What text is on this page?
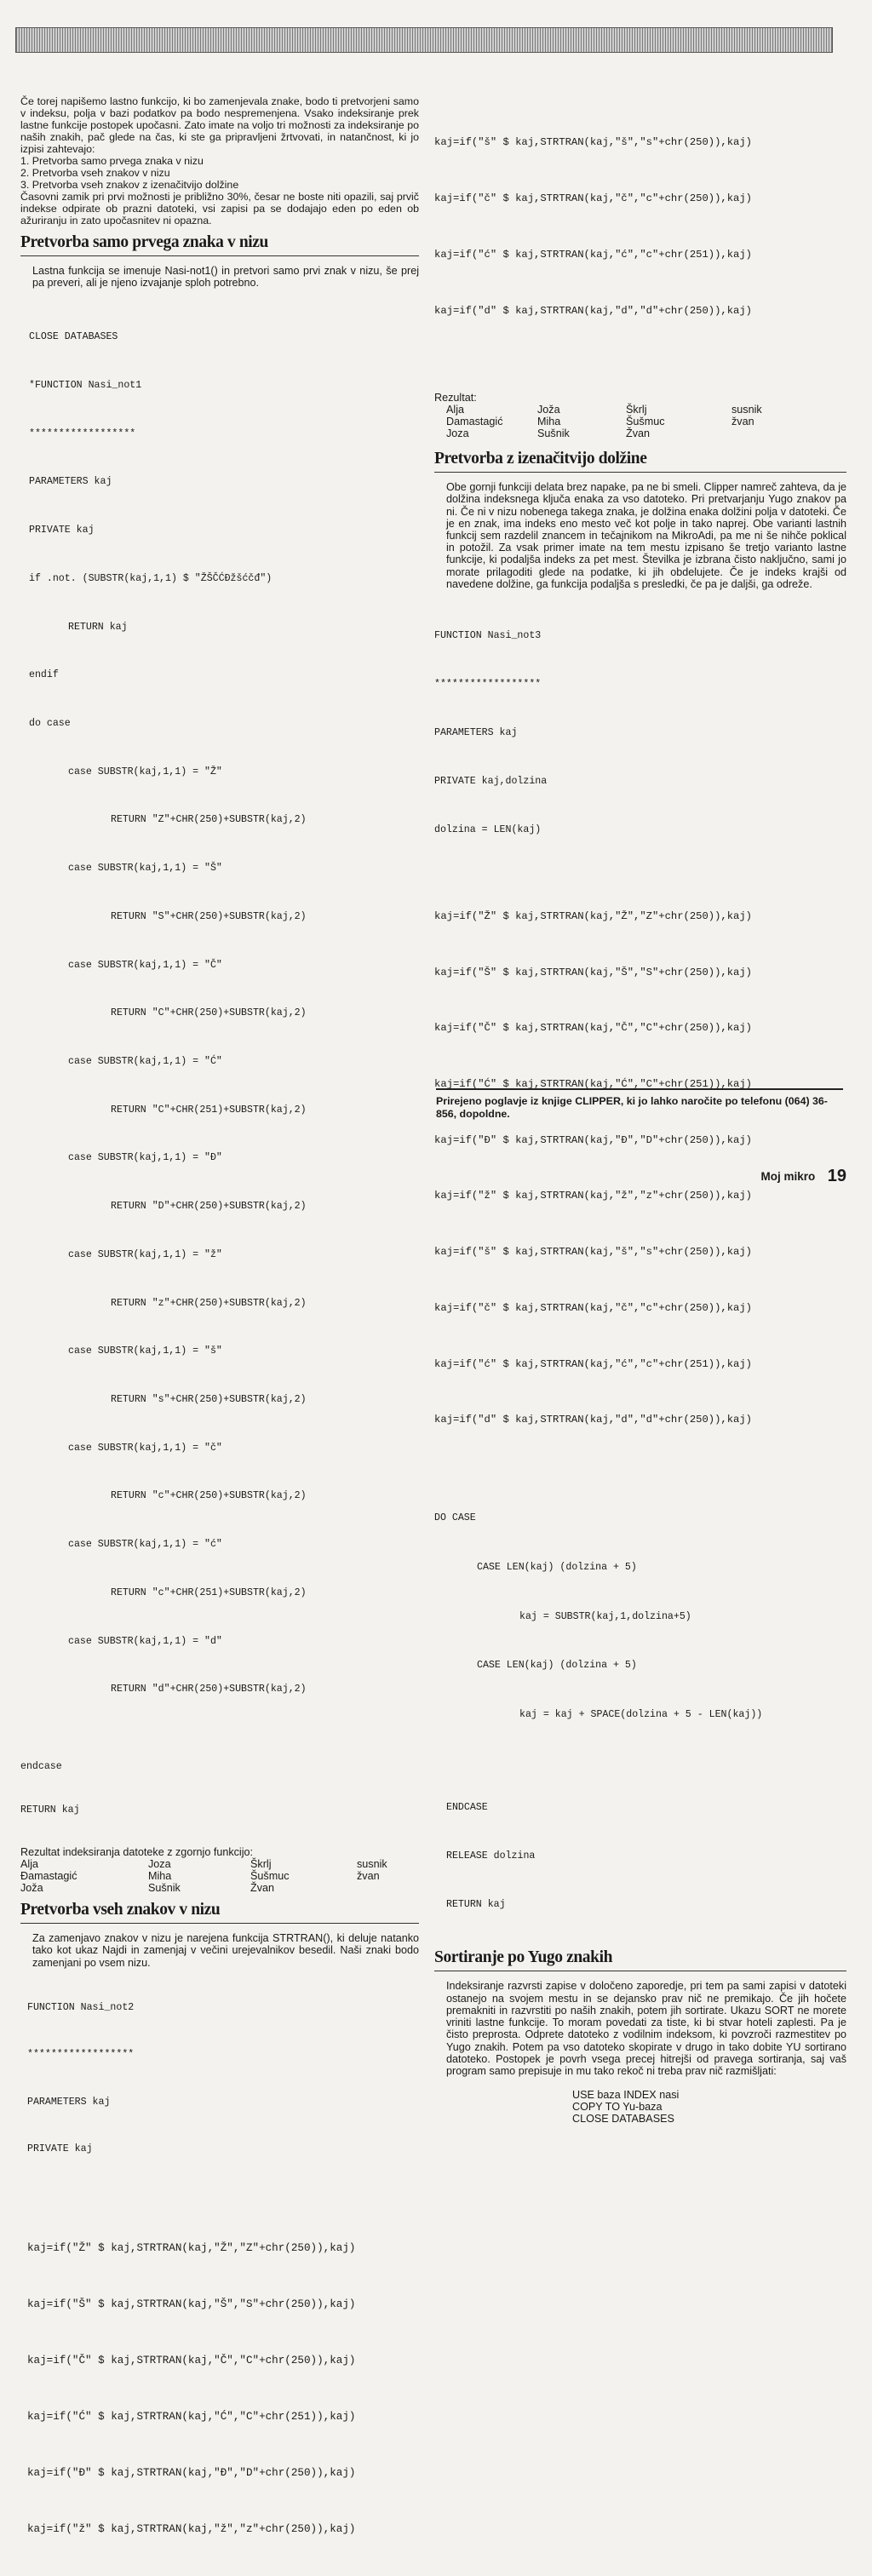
Če torej napišemo lastno funkcijo, ki bo zamenjevala znake, bodo ti pretvorjeni samo v indeksu, polja v bazi podatkov pa bodo nespremenjena. Vsako indeksiranje prek lastne funkcije postopek upočasni. Zato imate na voljo tri možnosti za indeksiranje po naših znakih, pač glede na čas, ki ste ga pripravljeni žrtvovati, in natančnost, ki jo izpisi zahtevajo:

1. Pretvorba samo prvega znaka v nizu
2. Pretvorba vseh znakov v nizu
3. Pretvorba vseh znakov z izenačitvijo dolžine

Časovni zamik pri prvi možnosti je približno 30%, česar ne boste niti opazili, saj prvič indekse odpirate ob prazni datoteki, vsi zapisi pa se dodajajo eden po eden ob ažuriranju in zato upočasnitev ni opazna.

Pretvorba samo prvega znaka v nizu

Lastna funkcija se imenuje Nasi-not1() in pretvori samo prvi znak v nizu, še prej pa preveri, ali je njeno izvajanje sploh potrebno.

CLOSE DATABASES

*FUNCTION Nasi_not1

******************

PARAMETERS kaj

PRIVATE kaj

if .not. (SUBSTR(kaj,1,1) $ "ŽŠČĆĐžšćčđ")

RETURN kaj

endif

do case

case SUBSTR(kaj,1,1) = "Ž"

RETURN "Z"+CHR(250)+SUBSTR(kaj,2)

case SUBSTR(kaj,1,1) = "Š"

RETURN "S"+CHR(250)+SUBSTR(kaj,2)

case SUBSTR(kaj,1,1) = "Č"

RETURN "C"+CHR(250)+SUBSTR(kaj,2)

case SUBSTR(kaj,1,1) = "Ć"

RETURN "C"+CHR(251)+SUBSTR(kaj,2)

case SUBSTR(kaj,1,1) = "Đ"

RETURN "D"+CHR(250)+SUBSTR(kaj,2)

case SUBSTR(kaj,1,1) = "ž"

RETURN "z"+CHR(250)+SUBSTR(kaj,2)

case SUBSTR(kaj,1,1) = "š"

RETURN "s"+CHR(250)+SUBSTR(kaj,2)

case SUBSTR(kaj,1,1) = "č"

RETURN "c"+CHR(250)+SUBSTR(kaj,2)

case SUBSTR(kaj,1,1) = "ć"

RETURN "c"+CHR(251)+SUBSTR(kaj,2)

case SUBSTR(kaj,1,1) = "d"

RETURN "d"+CHR(250)+SUBSTR(kaj,2)

endcase

RETURN kaj

Rezultat indeksiranja datoteke z zgornjo funkcijo:

Alja	Joza	Škrlj	susnik
Đamastagić	Miha	Šušmuc	žvan
Joža	Sušnik	Žvan
Pretvorba vseh znakov v nizu

Za zamenjavo znakov v nizu je narejena funkcija STRTRAN(), ki deluje natanko tako kot ukaz Najdi in zamenjaj v večini urejevalnikov besedil. Naši znaki bodo zamenjani po vsem nizu.

FUNCTION Nasi_not2

******************

PARAMETERS kaj

PRIVATE kaj

kaj=if("Ž" $ kaj,STRTRAN(kaj,"Ž","Z"+chr(250)),kaj)

kaj=if("Š" $ kaj,STRTRAN(kaj,"Š","S"+chr(250)),kaj)

kaj=if("Č" $ kaj,STRTRAN(kaj,"Č","C"+chr(250)),kaj)

kaj=if("Ć" $ kaj,STRTRAN(kaj,"Ć","C"+chr(251)),kaj)

kaj=if("Đ" $ kaj,STRTRAN(kaj,"Đ","D"+chr(250)),kaj)

kaj=if("ž" $ kaj,STRTRAN(kaj,"ž","z"+chr(250)),kaj)

kaj=if("š" $ kaj,STRTRAN(kaj,"š","s"+chr(250)),kaj)

kaj=if("č" $ kaj,STRTRAN(kaj,"č","c"+chr(250)),kaj)

kaj=if("ć" $ kaj,STRTRAN(kaj,"ć","c"+chr(251)),kaj)

kaj=if("d" $ kaj,STRTRAN(kaj,"d","d"+chr(250)),kaj)

Rezultat:

Alja	Joža	Škrlj	susnik
Damastagić	Miha	Šušmuc	žvan
Joza	Sušnik	Žvan
Pretvorba z izenačitvijo dolžine

Obe gornji funkciji delata brez napake, pa ne bi smeli. Clipper namreč zahteva, da je dolžina indeksnega ključa enaka za vso datoteko. Pri pretvarjanju Yugo znakov pa ni. Če ni v nizu nobenega takega znaka, je dolžina enaka dolžini polja v datoteki. Če je en znak, ima indeks eno mesto več kot polje in tako naprej. Obe varianti lastnih funkcij sem razdelil znancem in tečajnikom na MikroAdi, pa me ni še nihče poklical in potožil. Za vsak primer imate na tem mestu izpisano še tretjo varianto lastne funkcije, ki podaljša indeks za pet mest. Številka je izbrana čisto naključno, sami jo morate prilagoditi glede na podatke, ki jih obdelujete. Če je indeks krajši od navedene dolžine, ga funkcija podaljša s presledki, če pa je daljši, ga odreže.

FUNCTION Nasi_not3

******************

PARAMETERS kaj

PRIVATE kaj,dolzina

dolzina = LEN(kaj)

kaj=if("Ž" $ kaj,STRTRAN(kaj,"Ž","Z"+chr(250)),kaj)

kaj=if("Š" $ kaj,STRTRAN(kaj,"Š","S"+chr(250)),kaj)

kaj=if("Č" $ kaj,STRTRAN(kaj,"Č","C"+chr(250)),kaj)

kaj=if("Ć" $ kaj,STRTRAN(kaj,"Ć","C"+chr(251)),kaj)

kaj=if("Đ" $ kaj,STRTRAN(kaj,"Đ","D"+chr(250)),kaj)

kaj=if("ž" $ kaj,STRTRAN(kaj,"ž","z"+chr(250)),kaj)

kaj=if("š" $ kaj,STRTRAN(kaj,"š","s"+chr(250)),kaj)

kaj=if("č" $ kaj,STRTRAN(kaj,"č","c"+chr(250)),kaj)

kaj=if("ć" $ kaj,STRTRAN(kaj,"ć","c"+chr(251)),kaj)

kaj=if("d" $ kaj,STRTRAN(kaj,"d","d"+chr(250)),kaj)

DO CASE

CASE LEN(kaj) (dolzina + 5)

kaj = SUBSTR(kaj,1,dolzina+5)

CASE LEN(kaj) (dolzina + 5)

kaj = kaj + SPACE(dolzina + 5 - LEN(kaj))

ENDCASE

RELEASE dolzina

RETURN kaj

Sortiranje po Yugo znakih

Indeksiranje razvrsti zapise v določeno zaporedje, pri tem pa sami zapisi v datoteki ostanejo na svojem mestu in se dejansko prav nič ne premikajo. Če jih hočete premakniti in razvrstiti po naših znakih, potem jih sortirate. Ukazu SORT ne morete vriniti lastne funkcije. To moram povedati za tiste, ki bi stvar hoteli zaplesti. Pa je čisto preprosta. Odprete datoteko z vodilnim indeksom, ki povzroči razmestitev po Yugo znakih. Potem pa vso datoteko skopirate v drugo in tako dobite YU sortirano datoteko. Postopek je povrh vsega precej hitrejši od pravega sortiranja, saj vaš program samo prepisuje in mu tako rekoč ni treba prav nič razmišljati:

USE baza INDEX nasi
COPY TO Yu-baza
CLOSE DATABASES
Prirejeno poglavje iz knjige CLIPPER, ki jo lahko naročite po telefonu (064) 36-856, dopoldne.
Moj mikro 19
